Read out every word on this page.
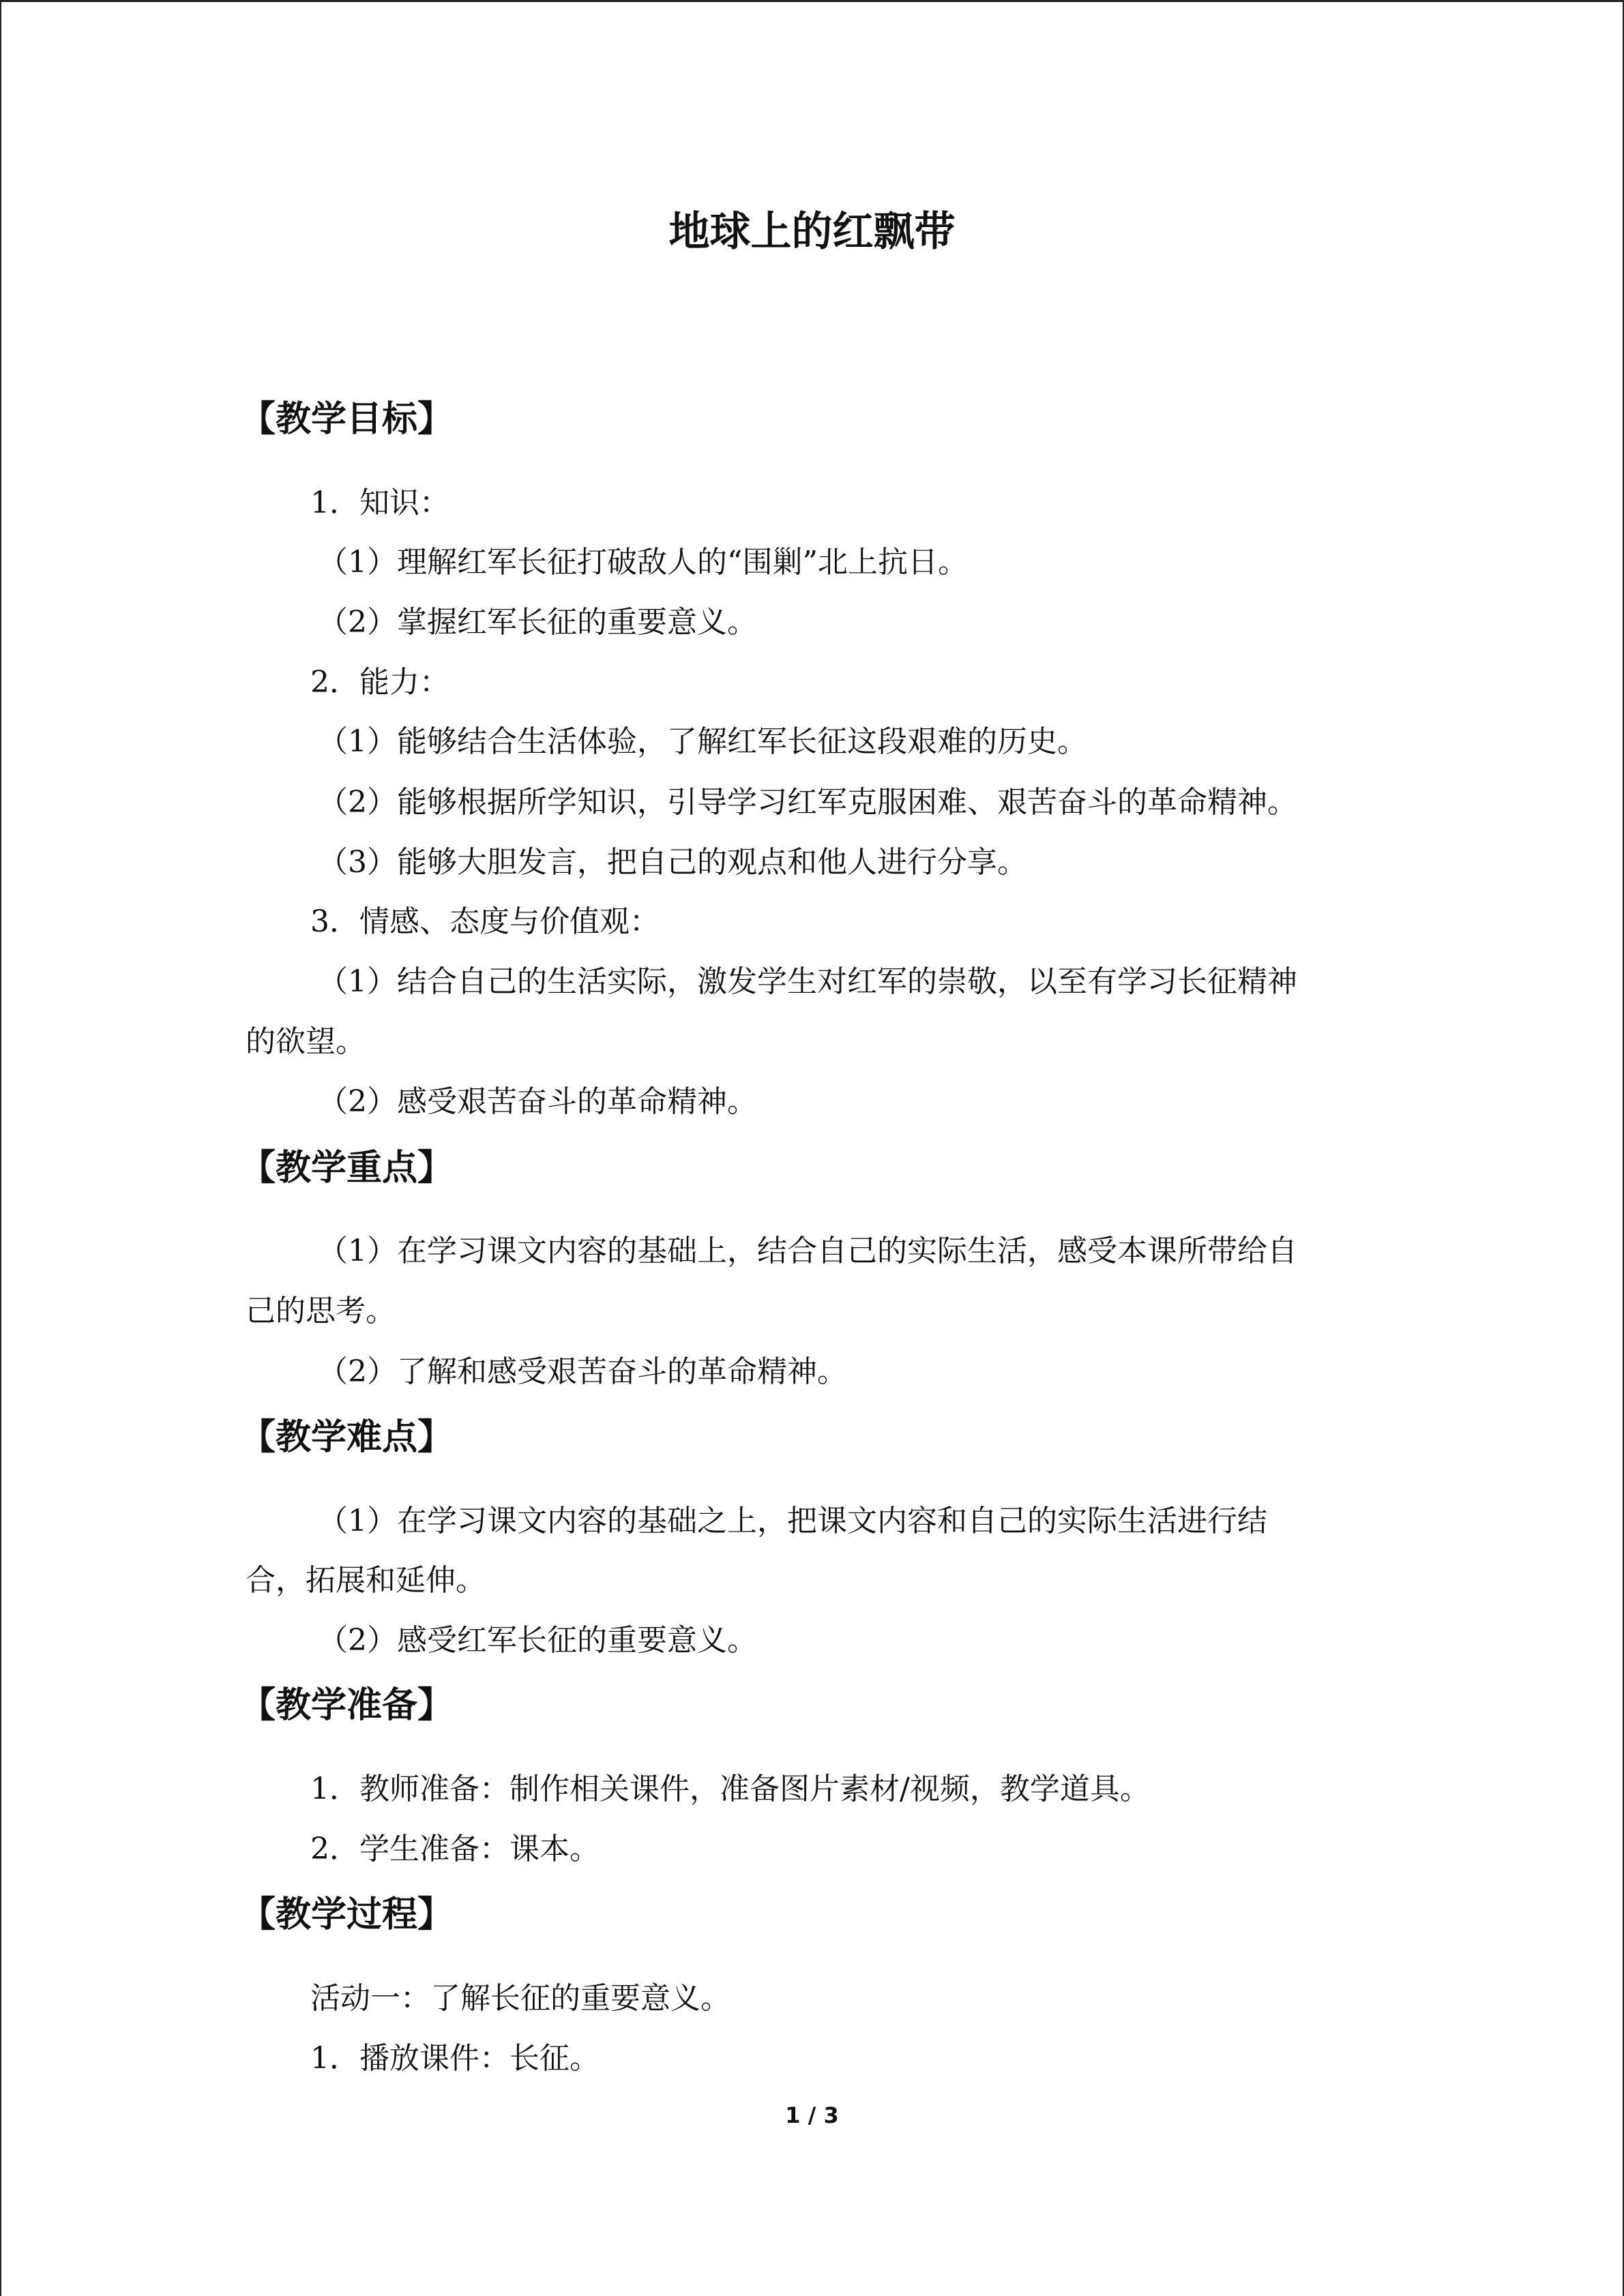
地球上的红飘带
【教学目标】
1．知识：
（1）理解红军长征打破敌人的“围剿”北上抗日。
（2）掌握红军长征的重要意义。
2．能力：
（1）能够结合生活体验，了解红军长征这段艰难的历史。
（2）能够根据所学知识，引导学习红军克服困难、艰苦奋斗的革命精神。
（3）能够大胆发言，把自己的观点和他人进行分享。
3．情感、态度与价值观：
（1）结合自己的生活实际，激发学生对红军的崇敬，以至有学习长征精神
的欲望。
（2）感受艰苦奋斗的革命精神。
【教学重点】
（1）在学习课文内容的基础上，结合自己的实际生活，感受本课所带给自
己的思考。
（2）了解和感受艰苦奋斗的革命精神。
【教学难点】
（1）在学习课文内容的基础之上，把课文内容和自己的实际生活进行结
合，拓展和延伸。
（2）感受红军长征的重要意义。
【教学准备】
1．教师准备：制作相关课件，准备图片素材/视频，教学道具。
2．学生准备：课本。
【教学过程】
活动一：了解长征的重要意义。
1．播放课件：长征。
1 / 3
